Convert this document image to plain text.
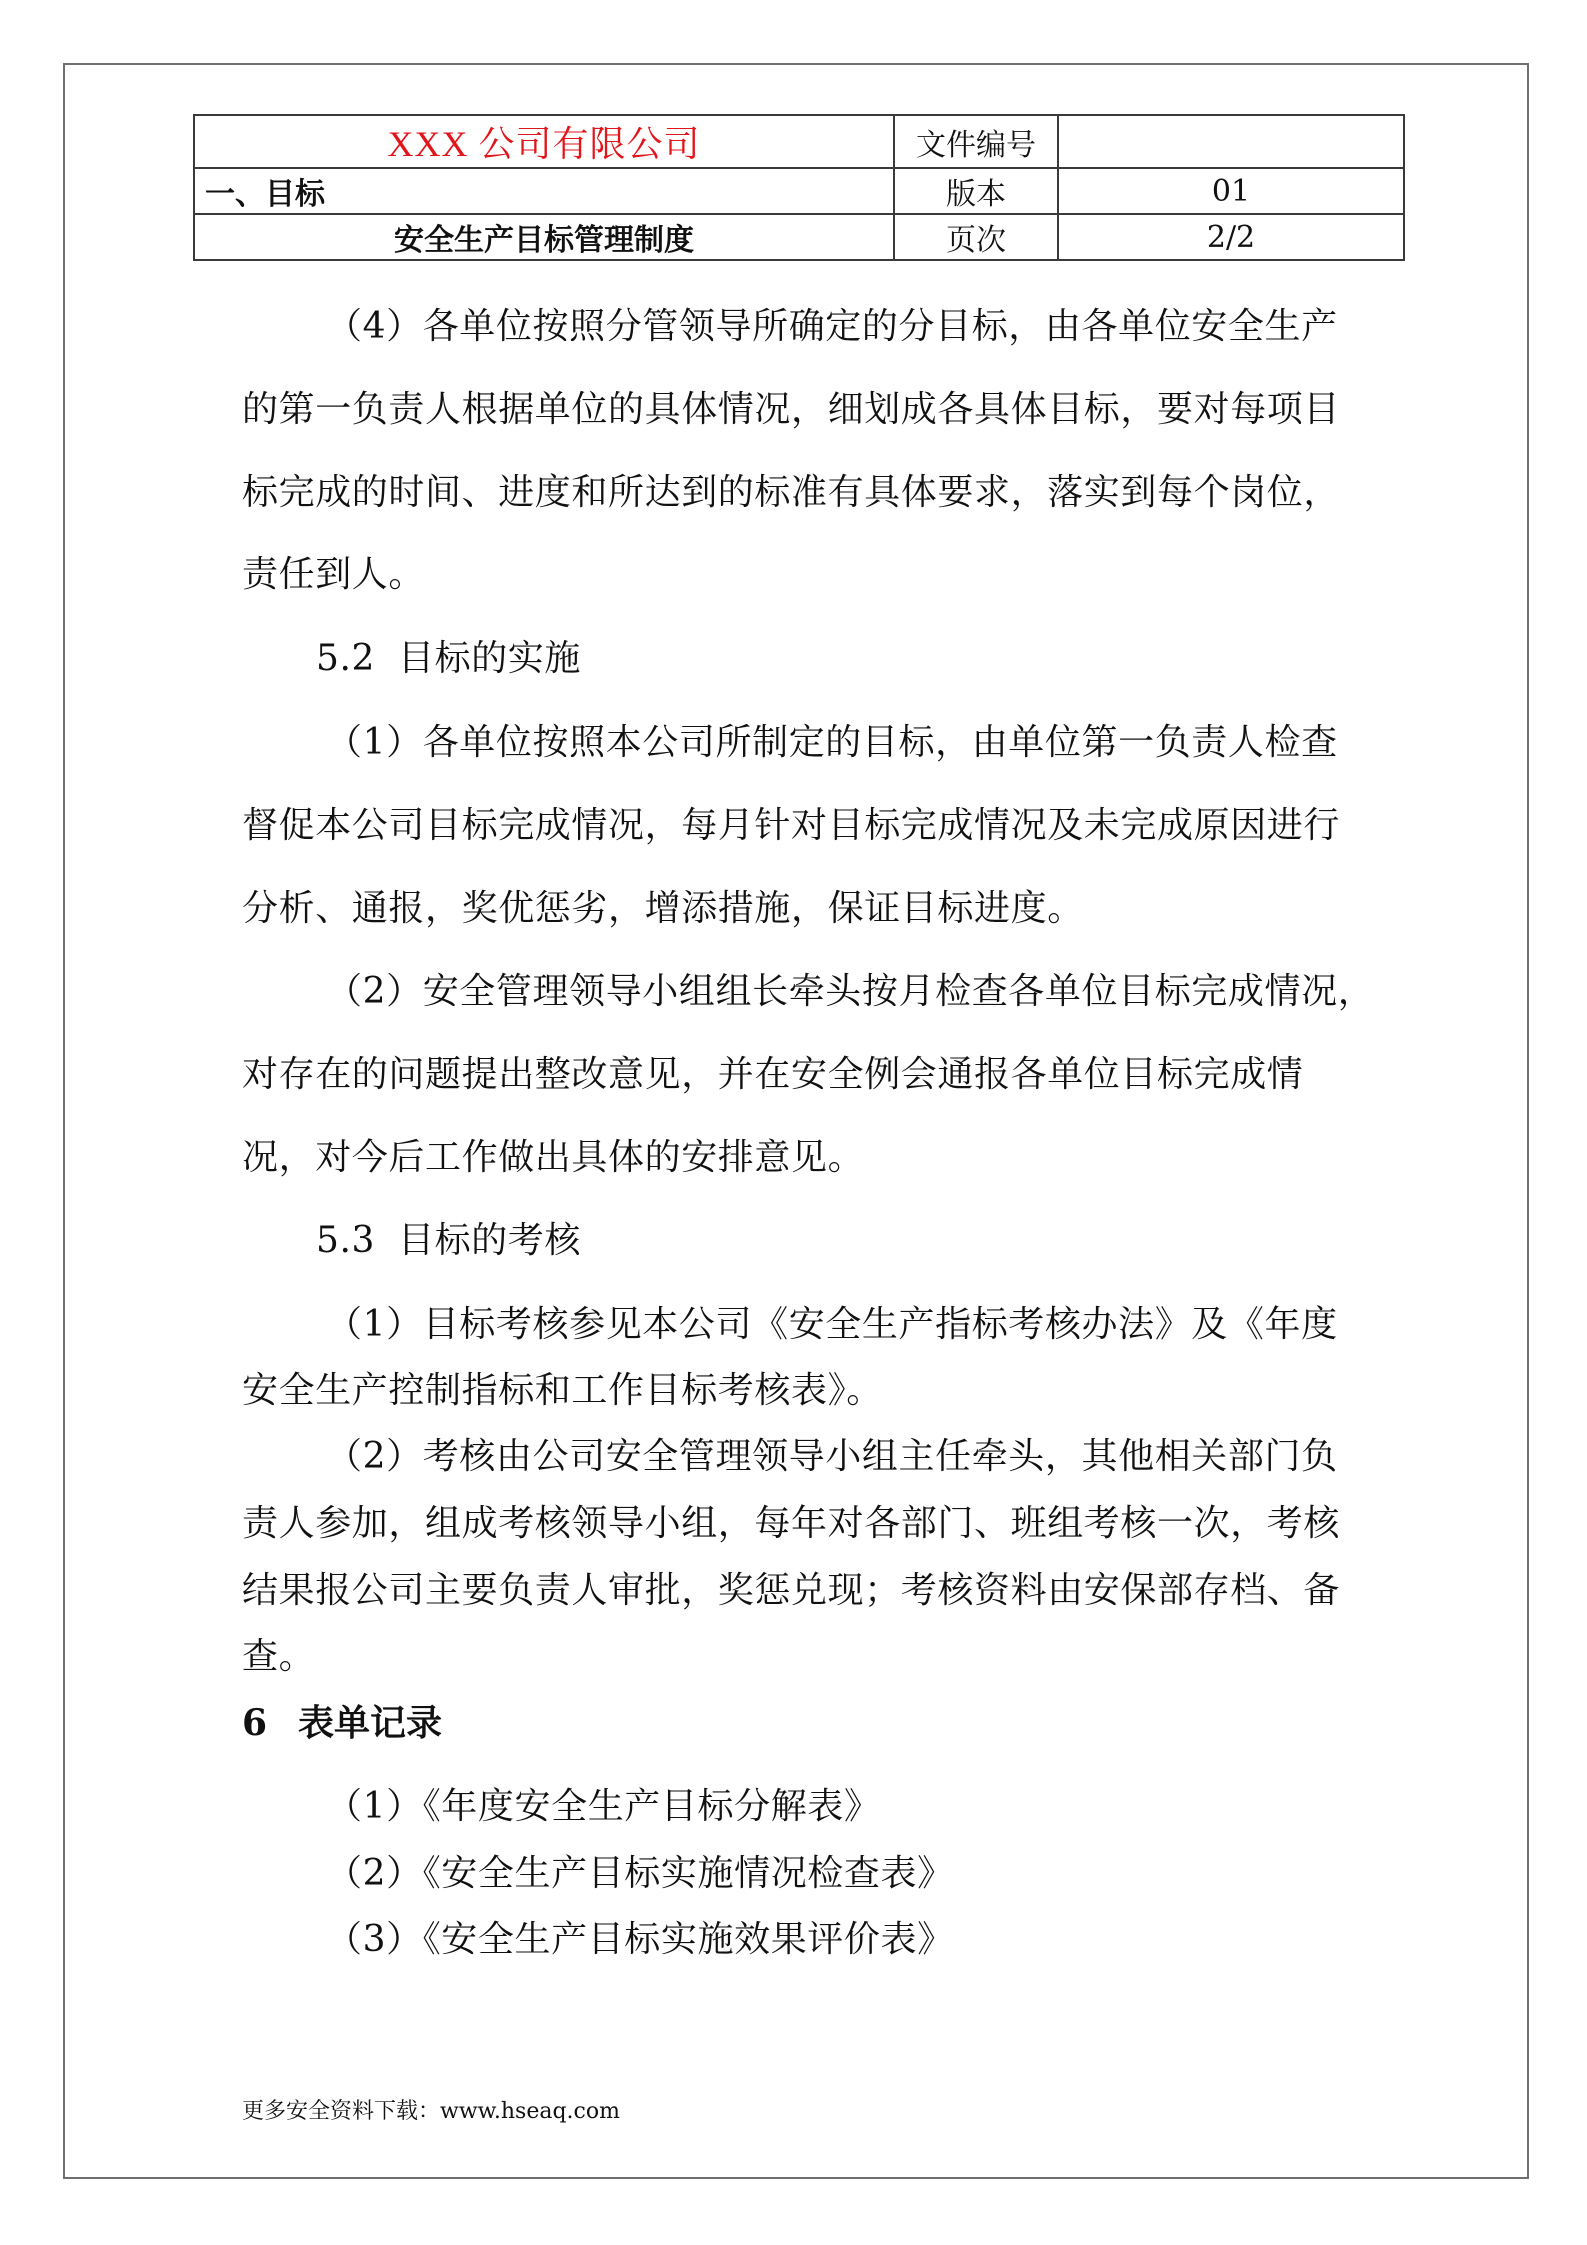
XXX 公司有限公司	文件编号	
一、目标	版本	01
安全生产目标管理制度	页次	2/2
（4）各单位按照分管领导所确定的分目标，由各单位安全生产
的第一负责人根据单位的具体情况，细划成各具体目标，要对每项目
标完成的时间、进度和所达到的标准有具体要求，落实到每个岗位，
责任到人。
5.2 目标的实施
（1）各单位按照本公司所制定的目标，由单位第一负责人检查
督促本公司目标完成情况，每月针对目标完成情况及未完成原因进行
分析、通报，奖优惩劣，增添措施，保证目标进度。
（2）安全管理领导小组组长牵头按月检查各单位目标完成情况，
对存在的问题提出整改意见，并在安全例会通报各单位目标完成情
况，对今后工作做出具体的安排意见。
5.3 目标的考核
（1）目标考核参见本公司《安全生产指标考核办法》及《年度
安全生产控制指标和工作目标考核表》。
（2）考核由公司安全管理领导小组主任牵头，其他相关部门负
责人参加，组成考核领导小组，每年对各部门、班组考核一次，考核
结果报公司主要负责人审批，奖惩兑现；考核资料由安保部存档、备
查。
6 表单记录
（1）《年度安全生产目标分解表》
（2）《安全生产目标实施情况检查表》
（3）《安全生产目标实施效果评价表》
更多安全资料下载：www.hseaq.com
